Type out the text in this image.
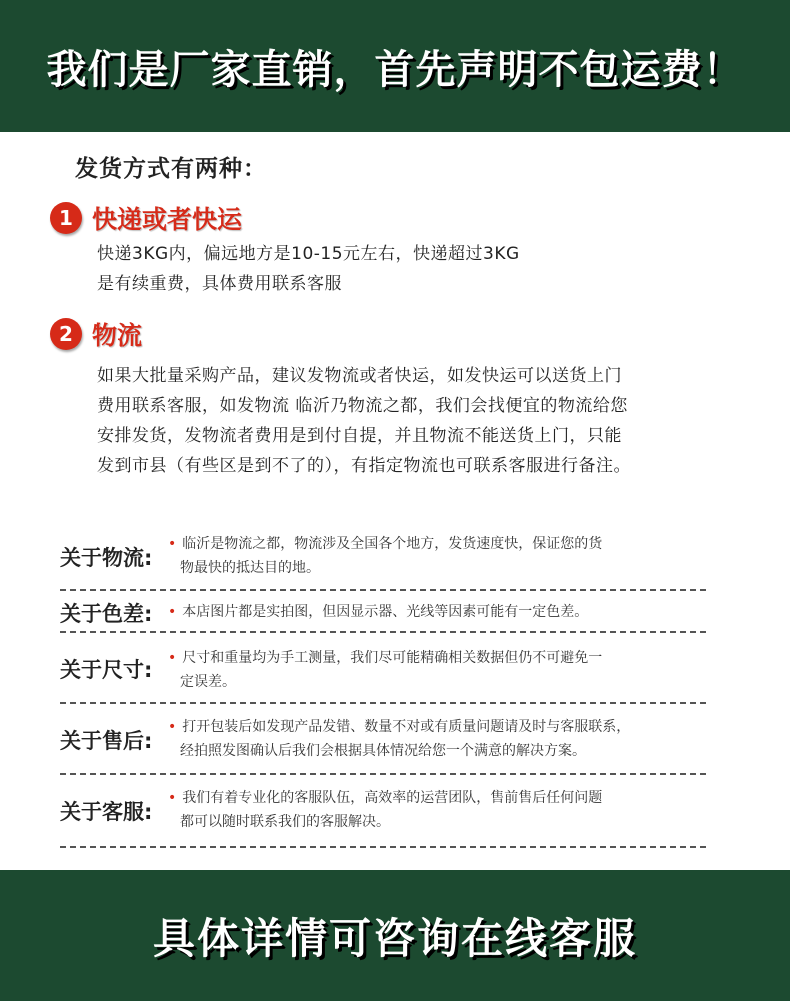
我们是厂家直销，首先声明不包运费！
发货方式有两种：
1 快递或者快运
快递3KG内，偏远地方是10-15元左右，快递超过3KG
是有续重费，具体费用联系客服
2 物流
如果大批量采购产品，建议发物流或者快运，如发快运可以送货上门
费用联系客服，如发物流 临沂乃物流之都，我们会找便宜的物流给您
安排发货，发物流者费用是到付自提，并且物流不能送货上门，只能
发到市县（有些区是到不了的），有指定物流也可联系客服进行备注。
关于物流:
• 临沂是物流之都，物流涉及全国各个地方，发货速度快，保证您的货
物最快的抵达目的地。
关于色差: • 本店图片都是实拍图，但因显示器、光线等因素可能有一定色差。
关于尺寸: • 尺寸和重量均为手工测量，我们尽可能精确相关数据但仍不可避免一
定误差。
关于售后:
• 打开包装后如发现产品发错、数量不对或有质量问题请及时与客服联系，
经拍照发图确认后我们会根据具体情况给您一个满意的解决方案。
关于客服:
• 我们有着专业化的客服队伍，高效率的运营团队，售前售后任何问题
都可以随时联系我们的客服解决。
具体详情可咨询在线客服
